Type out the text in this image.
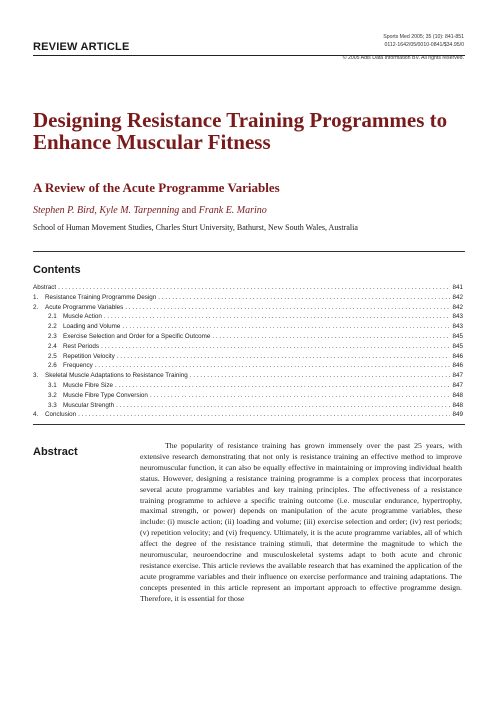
REVIEW ARTICLE
Sports Med 2005; 35 (10): 841-851
0112-1642/05/0010-0841/$34.95/0
© 2005 Adis Data Information BV. All rights reserved.
Designing Resistance Training Programmes to Enhance Muscular Fitness
A Review of the Acute Programme Variables
Stephen P. Bird, Kyle M. Tarpenning and Frank E. Marino
School of Human Movement Studies, Charles Sturt University, Bathurst, New South Wales, Australia
Contents
Abstract . . .	841
1. Resistance Training Programme Design . . .	842
2. Acute Programme Variables . . .	842
2.1 Muscle Action . . .	843
2.2 Loading and Volume . . .	843
2.3 Exercise Selection and Order for a Specific Outcome . . .	845
2.4 Rest Periods . . .	845
2.5 Repetition Velocity . . .	846
2.6 Frequency . . .	846
3. Skeletal Muscle Adaptations to Resistance Training . . .	847
3.1 Muscle Fibre Size . . .	847
3.2 Muscle Fibre Type Conversion . . .	848
3.3 Muscular Strength . . .	848
4. Conclusion . . .	849
Abstract

The popularity of resistance training has grown immensely over the past 25 years, with extensive research demonstrating that not only is resistance training an effective method to improve neuromuscular function, it can also be equally effective in maintaining or improving individual health status. However, designing a resistance training programme is a complex process that incorporates several acute programme variables and key training principles. The effectiveness of a resistance training programme to achieve a specific training outcome (i.e. muscular endurance, hypertrophy, maximal strength, or power) depends on manipulation of the acute programme variables, these include: (i) muscle action; (ii) loading and volume; (iii) exercise selection and order; (iv) rest periods; (v) repetition velocity; and (vi) frequency. Ultimately, it is the acute programme variables, all of which affect the degree of the resistance training stimuli, that determine the magnitude to which the neuromuscular, neuroendocrine and musculoskeletal systems adapt to both acute and chronic resistance exercise. This article reviews the available research that has examined the application of the acute programme variables and their influence on exercise performance and training adaptations. The concepts presented in this article represent an important approach to effective programme design. Therefore, it is essential for those
